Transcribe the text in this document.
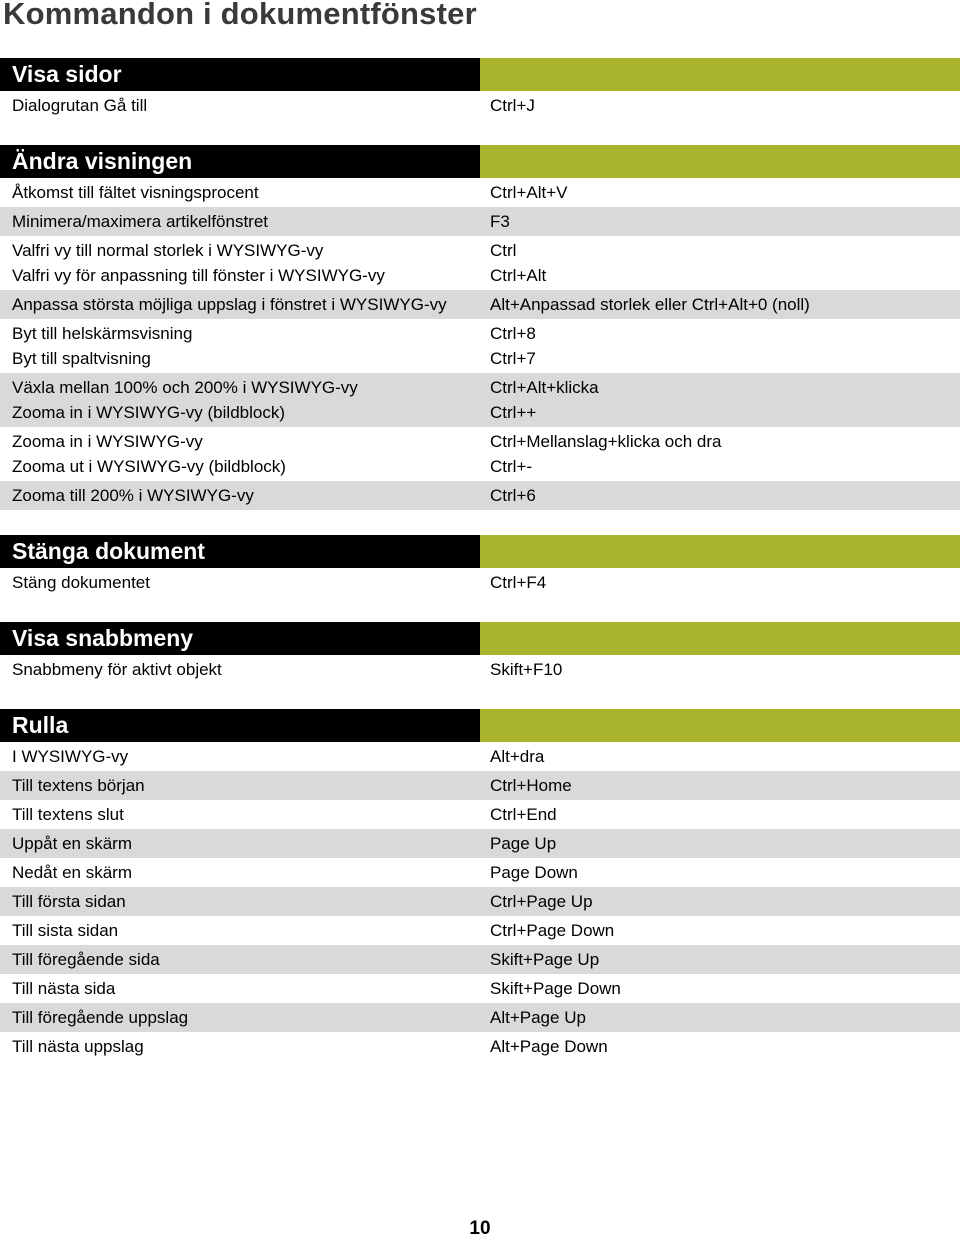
Kommandon i dokumentfönster
Visa sidor
Dialogrutan Gå till	Ctrl+J
Ändra visningen
Åtkomst till fältet visningsprocent	Ctrl+Alt+V
Minimera/maximera artikelfönstret	F3
Valfri vy till normal storlek i WYSIWYG-vy	Ctrl
Valfri vy för anpassning till fönster i WYSIWYG-vy	Ctrl+Alt
Anpassa största möjliga uppslag i fönstret i WYSIWYG-vy	Alt+Anpassad storlek eller Ctrl+Alt+0 (noll)
Byt till helskärmsvisning	Ctrl+8
Byt till spaltvisning	Ctrl+7
Växla mellan 100% och 200% i WYSIWYG-vy	Ctrl+Alt+klicka
Zooma in i WYSIWYG-vy (bildblock)	Ctrl++
Zooma in i WYSIWYG-vy	Ctrl+Mellanslag+klicka och dra
Zooma ut i WYSIWYG-vy (bildblock)	Ctrl+-
Zooma till 200% i WYSIWYG-vy	Ctrl+6
Stänga dokument
Stäng dokumentet	Ctrl+F4
Visa snabbmeny
Snabbmeny för aktivt objekt	Skift+F10
Rulla
I WYSIWYG-vy	Alt+dra
Till textens början	Ctrl+Home
Till textens slut	Ctrl+End
Uppåt en skärm	Page Up
Nedåt en skärm	Page Down
Till första sidan	Ctrl+Page Up
Till sista sidan	Ctrl+Page Down
Till föregående sida	Skift+Page Up
Till nästa sida	Skift+Page Down
Till föregående uppslag	Alt+Page Up
Till nästa uppslag	Alt+Page Down
10
